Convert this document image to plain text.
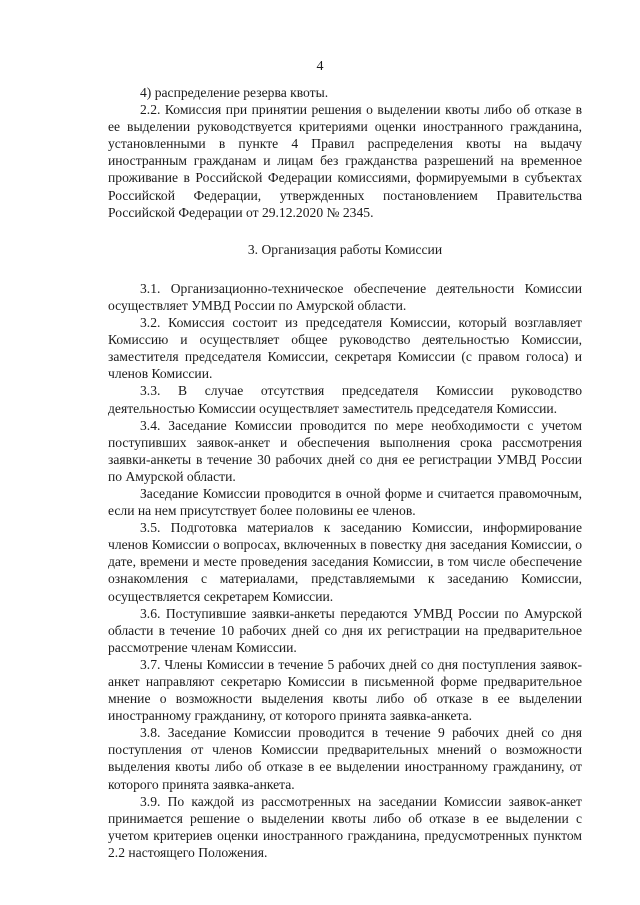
4

4) распределение резерва квоты.

2.2. Комиссия при принятии решения о выделении квоты либо об отказе в ее выделении руководствуется критериями оценки иностранного гражданина, установленными в пункте 4 Правил распределения квоты на выдачу иностранным гражданам и лицам без гражданства разрешений на временное проживание в Российской Федерации комиссиями, формируемыми в субъектах Российской Федерации, утвержденных постановлением Правительства Российской Федерации от 29.12.2020 № 2345.

3. Организация работы Комиссии

3.1. Организационно-техническое обеспечение деятельности Комиссии осуществляет УМВД России по Амурской области.

3.2. Комиссия состоит из председателя Комиссии, который возглавляет Комиссию и осуществляет общее руководство деятельностью Комиссии, заместителя председателя Комиссии, секретаря Комиссии (с правом голоса) и членов Комиссии.

3.3. В случае отсутствия председателя Комиссии руководство деятельностью Комиссии осуществляет заместитель председателя Комиссии.

3.4. Заседание Комиссии проводится по мере необходимости с учетом поступивших заявок-анкет и обеспечения выполнения срока рассмотрения заявки-анкеты в течение 30 рабочих дней со дня ее регистрации УМВД России по Амурской области.

Заседание Комиссии проводится в очной форме и считается правомочным, если на нем присутствует более половины ее членов.

3.5. Подготовка материалов к заседанию Комиссии, информирование членов Комиссии о вопросах, включенных в повестку дня заседания Комиссии, о дате, времени и месте проведения заседания Комиссии, в том числе обеспечение ознакомления с материалами, представляемыми к заседанию Комиссии, осуществляется секретарем Комиссии.

3.6. Поступившие заявки-анкеты передаются УМВД России по Амурской области в течение 10 рабочих дней со дня их регистрации на предварительное рассмотрение членам Комиссии.

3.7. Члены Комиссии в течение 5 рабочих дней со дня поступления заявок-анкет направляют секретарю Комиссии в письменной форме предварительное мнение о возможности выделения квоты либо об отказе в ее выделении иностранному гражданину, от которого принята заявка-анкета.

3.8. Заседание Комиссии проводится в течение 9 рабочих дней со дня поступления от членов Комиссии предварительных мнений о возможности выделения квоты либо об отказе в ее выделении иностранному гражданину, от которого принята заявка-анкета.

3.9. По каждой из рассмотренных на заседании Комиссии заявок-анкет принимается решение о выделении квоты либо об отказе в ее выделении с учетом критериев оценки иностранного гражданина, предусмотренных пунктом 2.2 настоящего Положения.
